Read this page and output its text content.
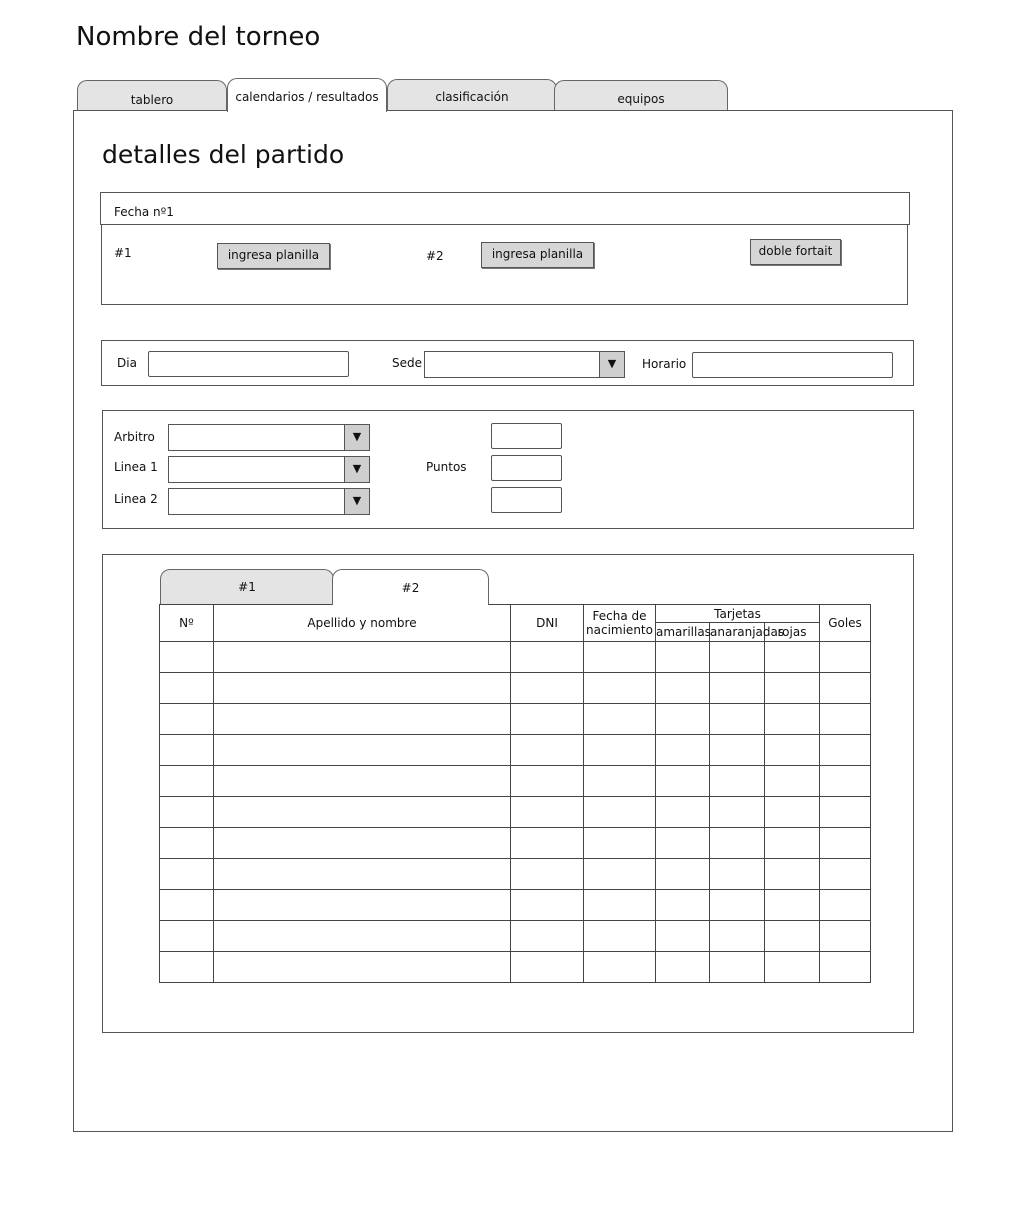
Nombre del torneo
tablero	calendarios / resultados	clasificación	equipos
detalles del partido
Fecha nº1
#1	ingresa planilla	#2	ingresa planilla	doble fortait
Dia	Sede	▼	Horario
Arbitro	▼
Linea 1	▼
Linea 2	▼
Puntos
#1	#2
Nº	Apellido y nombre	DNI	Fecha de nacimiento	Tarjetas			Goles
				amarillas	anaranjadas	rojas	
